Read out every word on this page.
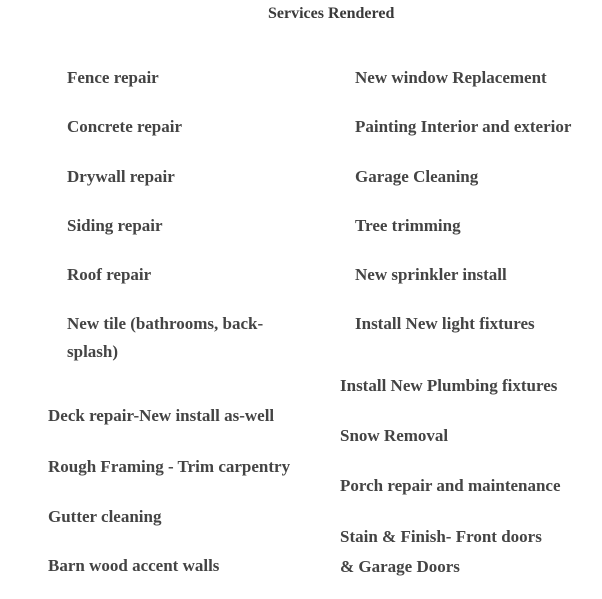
Services Rendered
Fence repair
Concrete repair
Drywall repair
Siding repair
Roof repair
New tile (bathrooms, back-splash)
New window Replacement
Painting Interior and exterior
Garage Cleaning
Tree trimming
New sprinkler install
Install New light fixtures
Deck repair-New install as-well
Rough Framing - Trim carpentry
Gutter cleaning
Barn wood accent walls
Install New Plumbing fixtures
Snow Removal
Porch repair and maintenance
Stain & Finish- Front doors & Garage Doors
